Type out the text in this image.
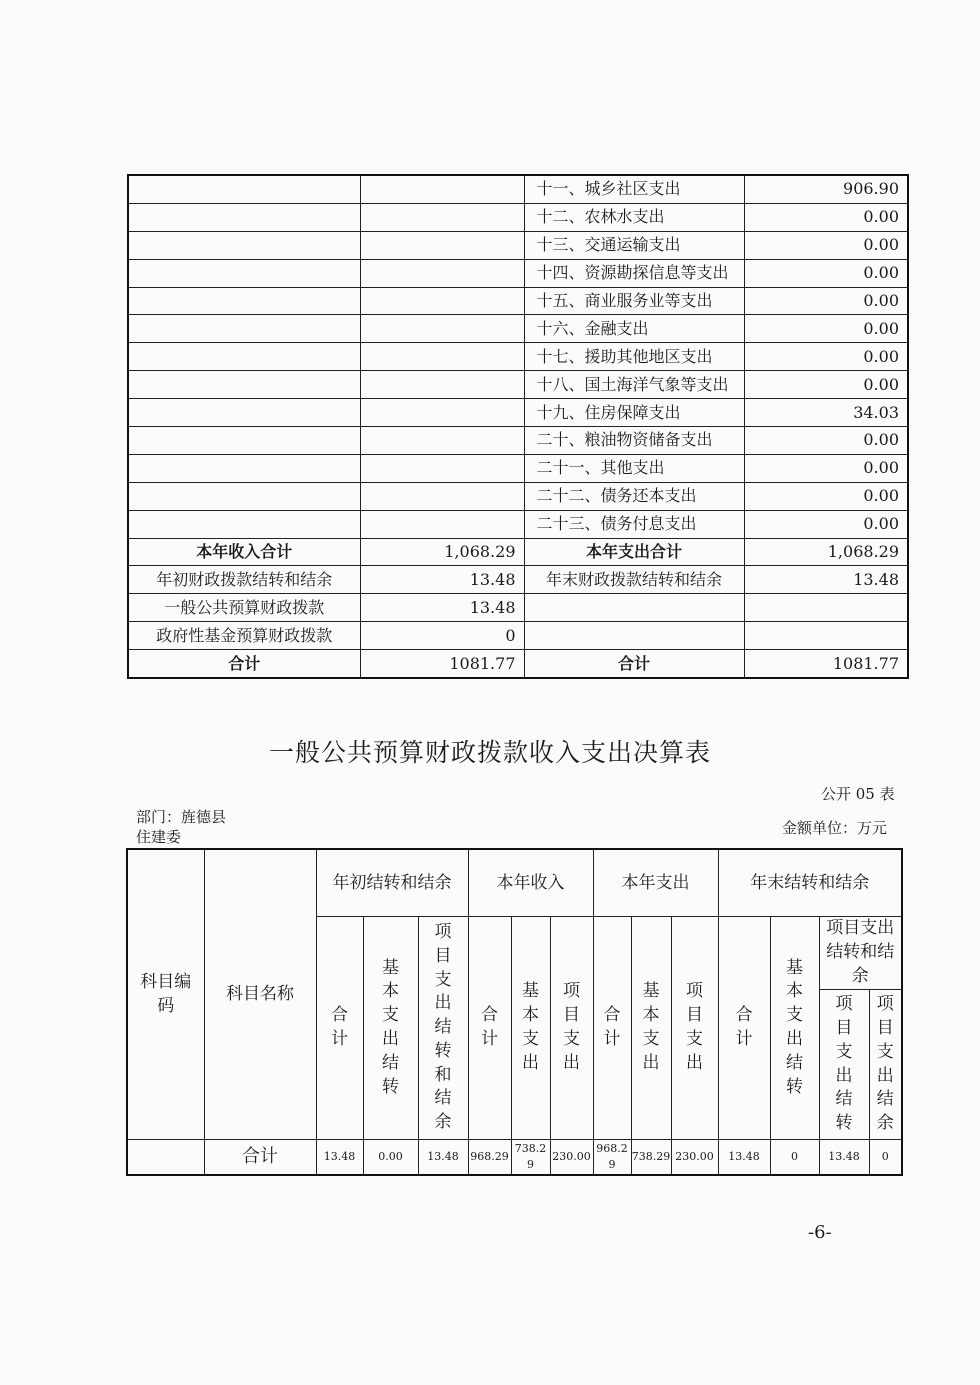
		十一、城乡社区支出	906.90
		十二、农林水支出	0.00
		十三、交通运输支出	0.00
		十四、资源勘探信息等支出	0.00
		十五、商业服务业等支出	0.00
		十六、金融支出	0.00
		十七、援助其他地区支出	0.00
		十八、国土海洋气象等支出	0.00
		十九、住房保障支出	34.03
		二十、粮油物资储备支出	0.00
		二十一、其他支出	0.00
		二十二、债务还本支出	0.00
		二十三、债务付息支出	0.00
本年收入合计	1,068.29	本年支出合计	1,068.29
年初财政拨款结转和结余	13.48	年末财政拨款结转和结余	13.48
一般公共预算财政拨款	13.48		
政府性基金预算财政拨款	0		
合计	1081.77	合计	1081.77
一般公共预算财政拨款收入支出决算表
公开 05 表
部门：旌德县
住建委	金额单位：万元
科目编码	科目名称	年初结转和结余			本年收入			本年支出			年末结转和结余			
		合计	基本支出结转	项目支出结转和结余	合计	基本支出	项目支出	合计	基本支出	项目支出	合计	基本支出结转	项目支出结转和结余	
													项目支出结转	项目支出结余
	合计	13.48	0.00	13.48	968.29	738.29	230.00	968.29	738.29	230.00	13.48	0	13.48	0
-6-
